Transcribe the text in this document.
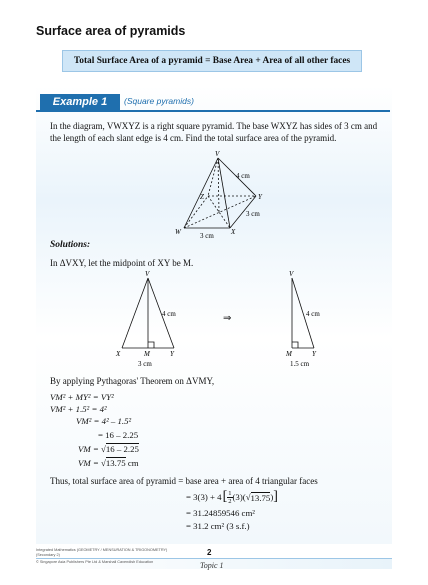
Surface area of pyramids
Total Surface Area of a pyramid = Base Area + Area of all other faces
Example 1	(Square pyramids)
In the diagram, VWXYZ is a right square pyramid. The base WXYZ has sides of 3 cm and the length of each slant edge is 4 cm. Find the total surface area of the pyramid.
V
W	X
Y
Z
4 cm
3 cm
3 cm
Solutions:
In ΔVXY, let the midpoint of XY be M.
V
X	M	Y
4 cm
3 cm
⇒
V
M	Y
4 cm
1.5 cm
By applying Pythagoras' Theorem on ΔVMY,
VM² + MY² = VY²
VM² + 1.5² = 4²
VM² = 4² – 1.5²
= 16 – 2.25
VM = √16 – 2.25
VM = √13.75 cm
Thus, total surface area of pyramid = base area + area of 4 triangular faces
= 3(3) + 4 [ $\frac{1}{2} (3)$( √ 13.75 ) ]
= 31.24859546 cm²
= 31.2 cm² (3 s.f.)
Integrated Mathematics (GEOMETRY / MENSURATION & TRIGONOMETRY)
(Secondary 2)
© Singapore Asia Publishers Pte Ltd & Marshall Cavendish Education
2
Topic 1
